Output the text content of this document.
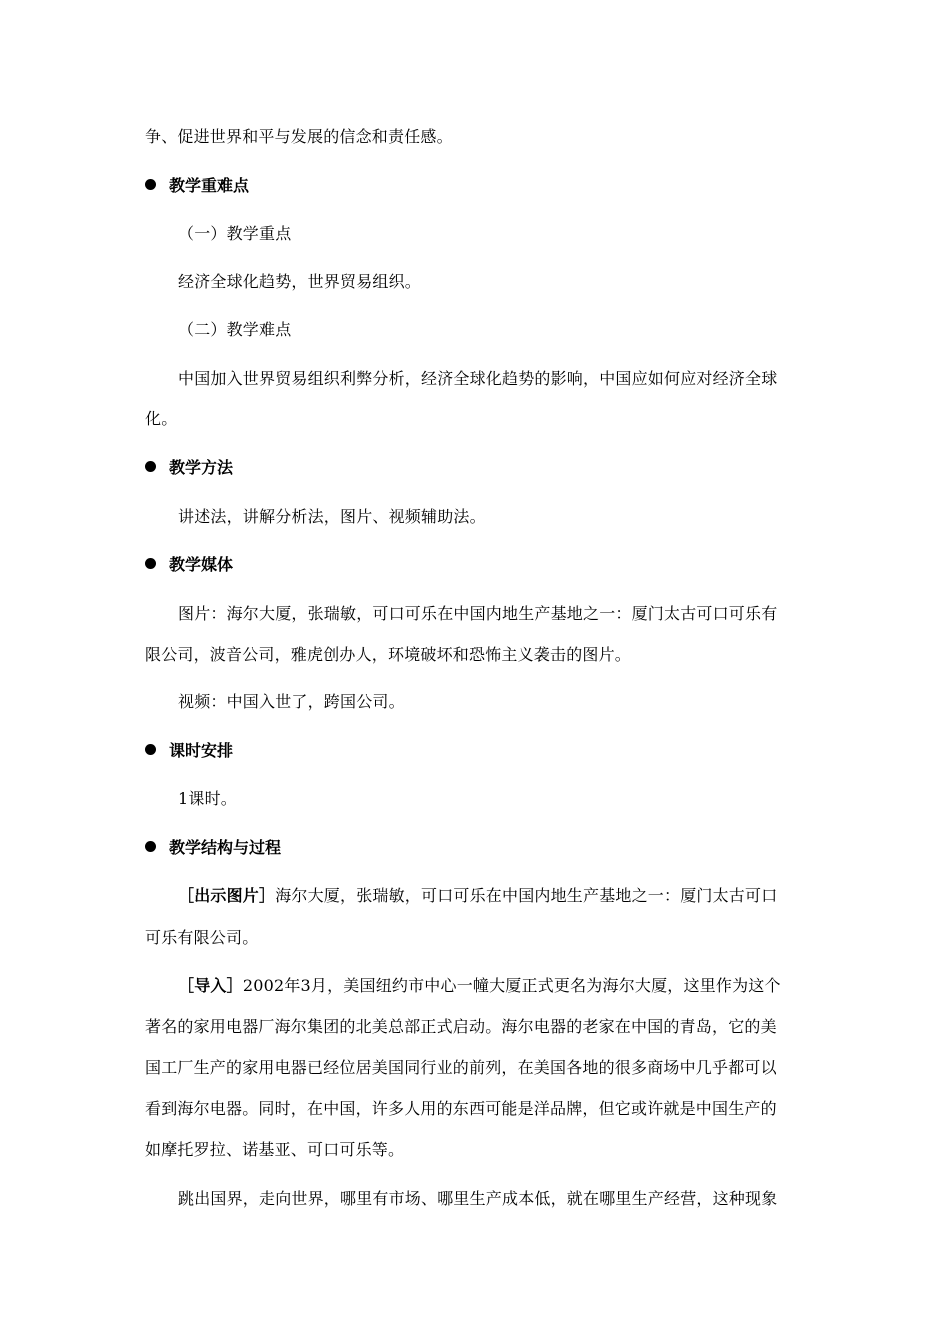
争、促进世界和平与发展的信念和责任感。
教学重难点
（一）教学重点
经济全球化趋势，世界贸易组织。
（二）教学难点
中国加入世界贸易组织利弊分析，经济全球化趋势的影响，中国应如何应对经济全球
化。
教学方法
讲述法，讲解分析法，图片、视频辅助法。
教学媒体
图片：海尔大厦，张瑞敏，可口可乐在中国内地生产基地之一：厦门太古可口可乐有
限公司，波音公司，雅虎创办人，环境破坏和恐怖主义袭击的图片。
视频：中国入世了，跨国公司。
课时安排
1课时。
教学结构与过程
［出示图片］海尔大厦，张瑞敏，可口可乐在中国内地生产基地之一：厦门太古可口
可乐有限公司。
［导入］2002年3月，美国纽约市中心一幢大厦正式更名为海尔大厦，这里作为这个
著名的家用电器厂海尔集团的北美总部正式启动。海尔电器的老家在中国的青岛，它的美
国工厂生产的家用电器已经位居美国同行业的前列，在美国各地的很多商场中几乎都可以
看到海尔电器。同时，在中国，许多人用的东西可能是洋品牌，但它或许就是中国生产的
如摩托罗拉、诺基亚、可口可乐等。
跳出国界，走向世界，哪里有市场、哪里生产成本低，就在哪里生产经营，这种现象
